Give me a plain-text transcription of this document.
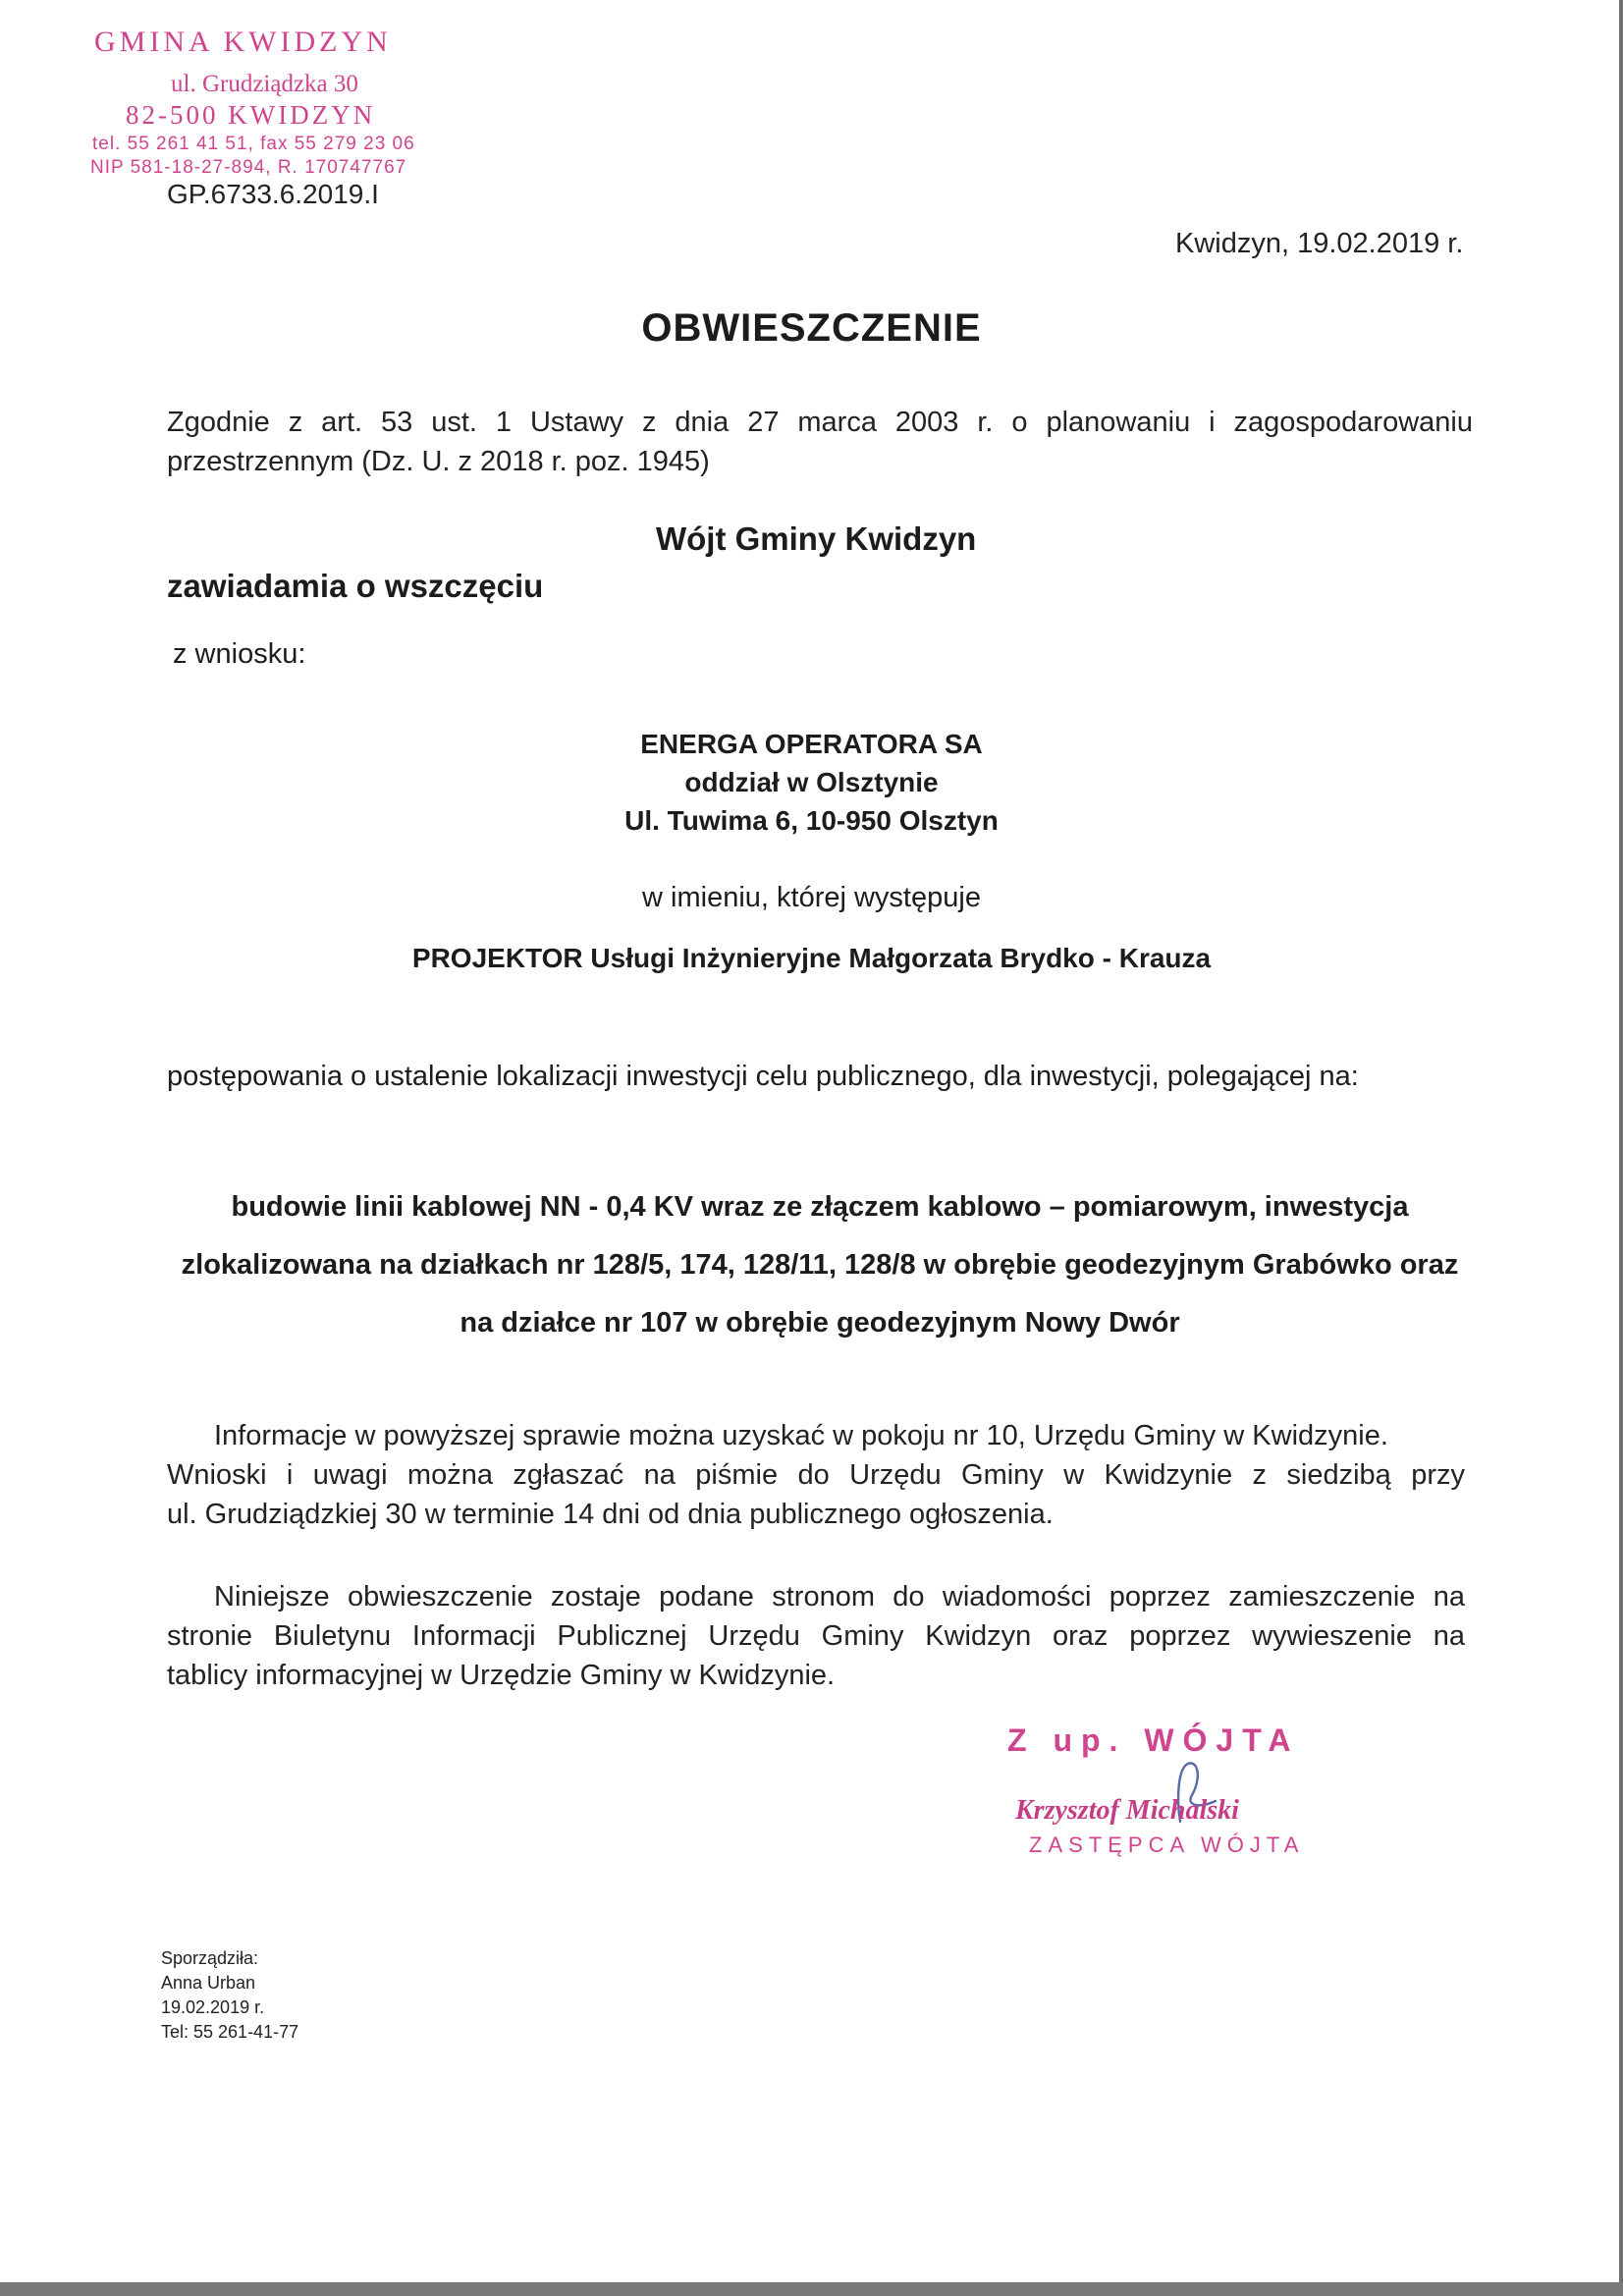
GMINA KWIDZYN
ul. Grudziądzka 30
82-500 KWIDZYN
tel. 55 261 41 51, fax 55 279 23 06
NIP 581-18-27-894, R. 170747767
GP.6733.6.2019.I
Kwidzyn, 19.02.2019 r.
OBWIESZCZENIE
Zgodnie z art. 53 ust. 1 Ustawy z dnia 27 marca 2003 r. o planowaniu i zagospodarowaniu
przestrzennym (Dz. U. z 2018 r. poz. 1945)
Wójt Gminy Kwidzyn
zawiadamia o wszczęciu
z wniosku:
ENERGA OPERATORA SA
oddział w Olsztynie
Ul. Tuwima 6, 10-950 Olsztyn
w imieniu, której występuje
PROJEKTOR Usługi Inżynieryjne Małgorzata Brydko - Krauza
postępowania o ustalenie lokalizacji inwestycji celu publicznego, dla inwestycji, polegającej na:
budowie linii kablowej NN - 0,4 KV wraz ze złączem kablowo – pomiarowym, inwestycja
zlokalizowana na działkach nr 128/5, 174, 128/11, 128/8 w obrębie geodezyjnym Grabówko oraz
na działce nr 107 w obrębie geodezyjnym Nowy Dwór
Informacje w powyższej sprawie można uzyskać w pokoju nr 10, Urzędu Gminy w Kwidzynie.
Wnioski i uwagi można zgłaszać na piśmie do Urzędu Gminy w Kwidzynie z siedzibą przy
ul. Grudziądzkiej 30 w terminie 14 dni od dnia publicznego ogłoszenia.
Niniejsze obwieszczenie zostaje podane stronom do wiadomości poprzez zamieszczenie na
stronie Biuletynu Informacji Publicznej Urzędu Gminy Kwidzyn oraz poprzez wywieszenie na
tablicy informacyjnej w Urzędzie Gminy w Kwidzynie.
Z up. WÓJTA
Krzysztof Michalski
ZASTĘPCA WÓJTA
Sporządziła:
Anna Urban
19.02.2019 r.
Tel: 55 261-41-77
